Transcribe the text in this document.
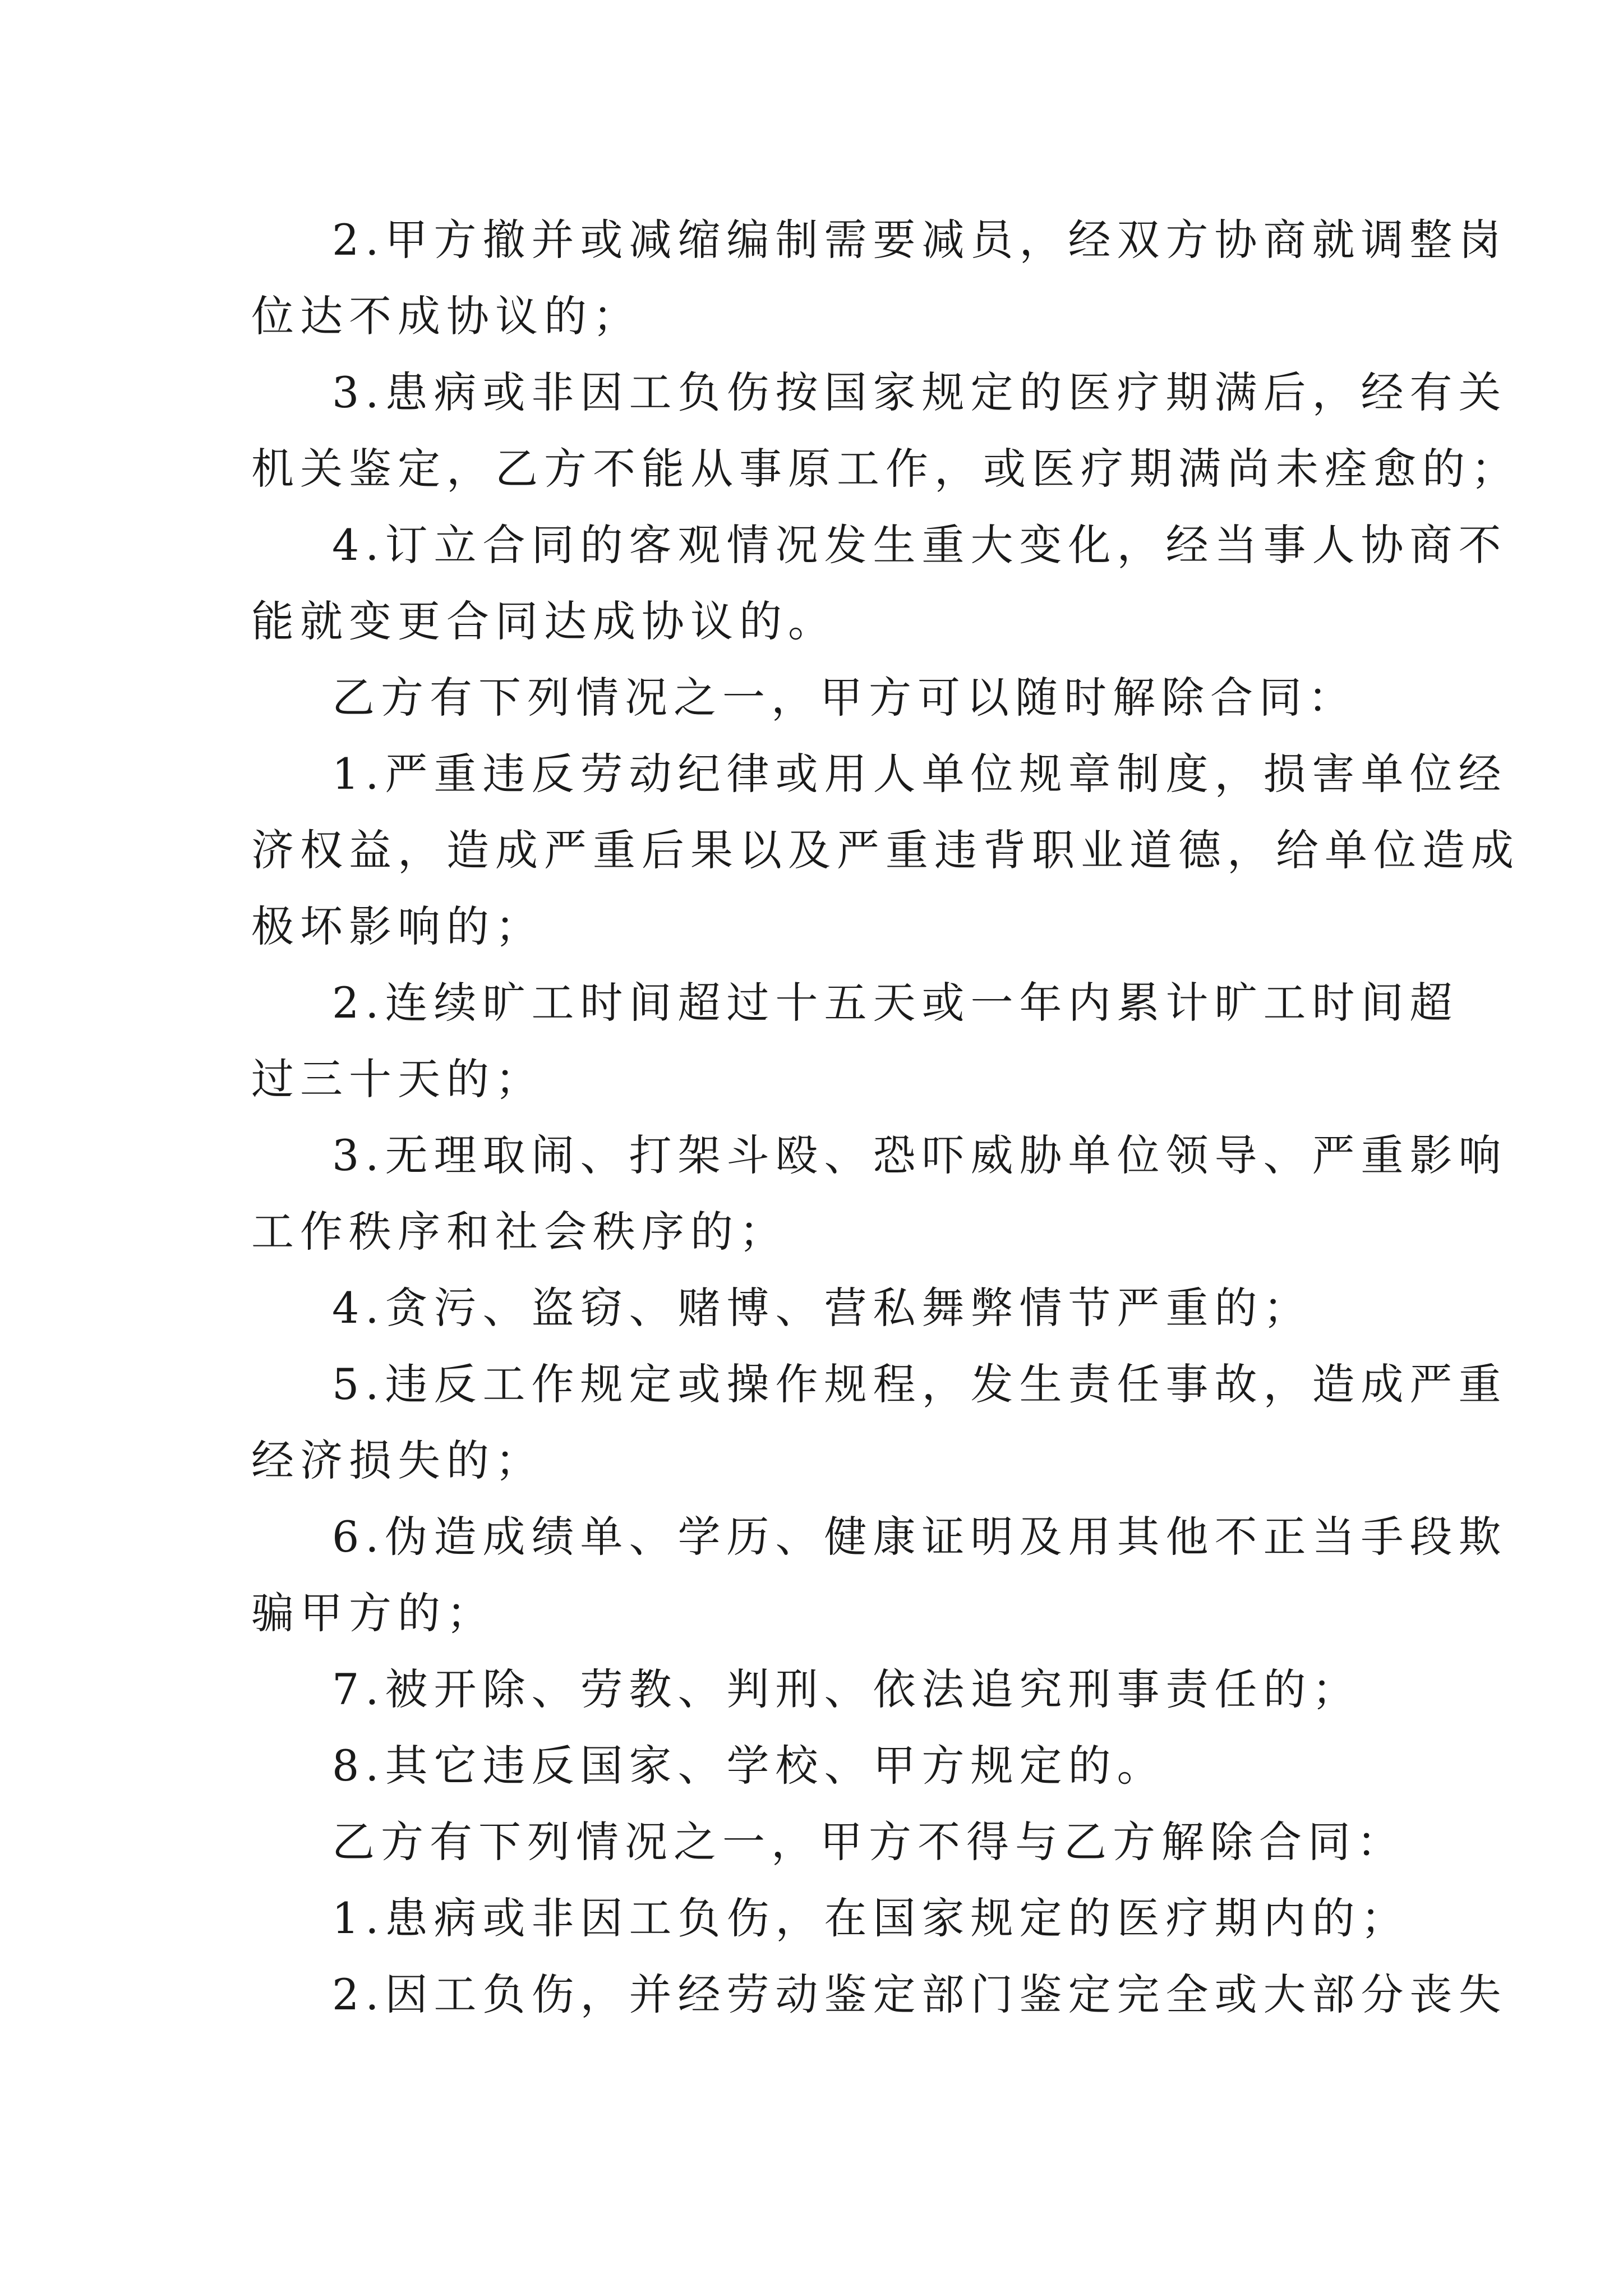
2.甲方撤并或减缩编制需要减员，经双方协商就调整岗
位达不成协议的；
3.患病或非因工负伤按国家规定的医疗期满后，经有关
机关鉴定，乙方不能从事原工作，或医疗期满尚未痊愈的；
4.订立合同的客观情况发生重大变化，经当事人协商不
能就变更合同达成协议的。
乙方有下列情况之一，甲方可以随时解除合同：
1.严重违反劳动纪律或用人单位规章制度，损害单位经
济权益，造成严重后果以及严重违背职业道德，给单位造成
极坏影响的；
2.连续旷工时间超过十五天或一年内累计旷工时间超
过三十天的；
3.无理取闹、打架斗殴、恐吓威胁单位领导、严重影响
工作秩序和社会秩序的；
4.贪污、盗窃、赌博、营私舞弊情节严重的；
5.违反工作规定或操作规程，发生责任事故，造成严重
经济损失的；
6.伪造成绩单、学历、健康证明及用其他不正当手段欺
骗甲方的；
7.被开除、劳教、判刑、依法追究刑事责任的；
8.其它违反国家、学校、甲方规定的。
乙方有下列情况之一，甲方不得与乙方解除合同：
1.患病或非因工负伤，在国家规定的医疗期内的；
2.因工负伤，并经劳动鉴定部门鉴定完全或大部分丧失
